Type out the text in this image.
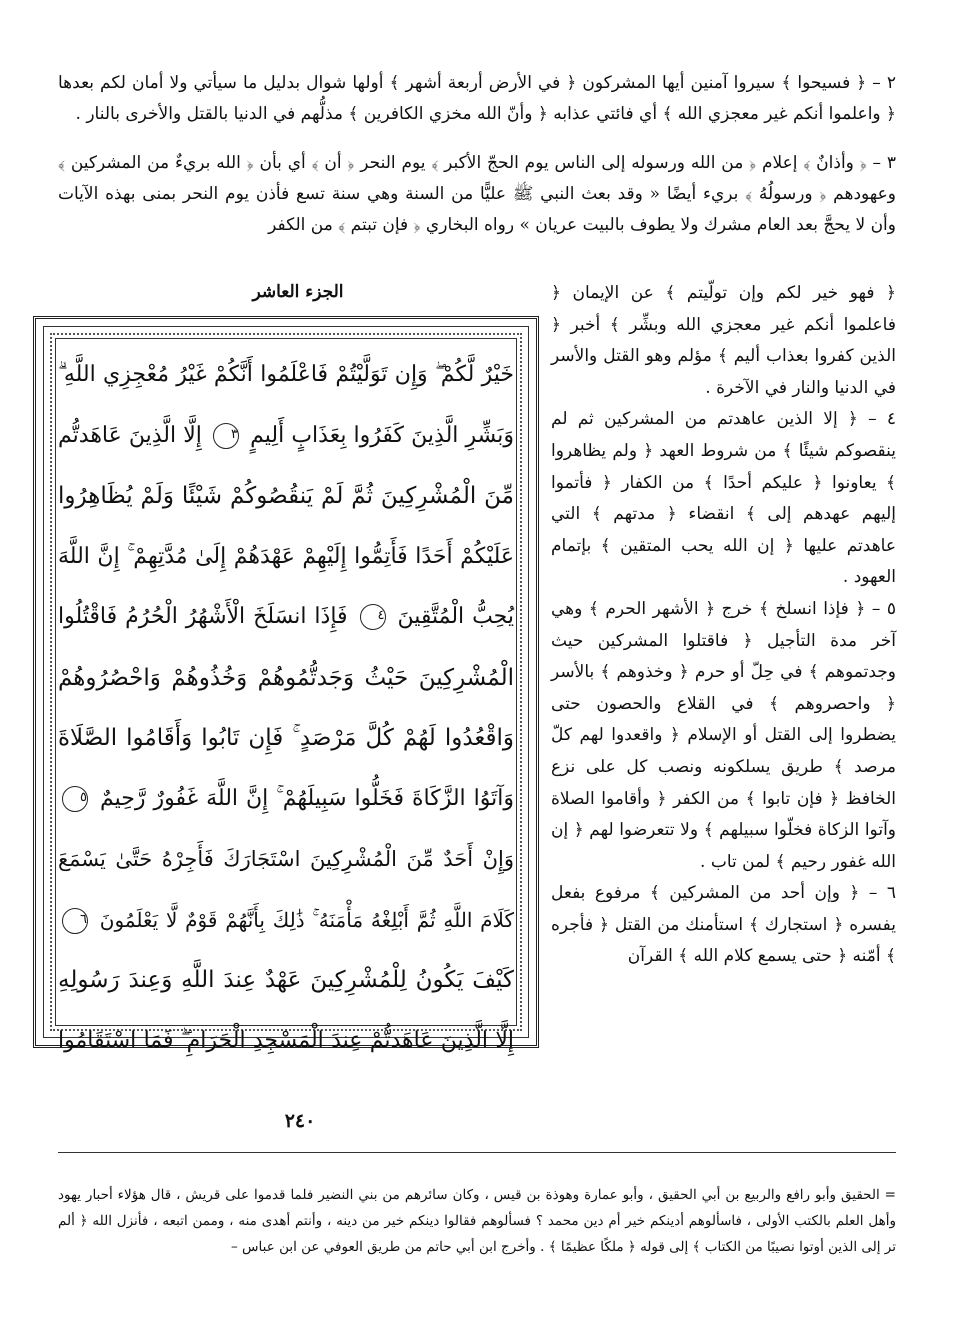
٢ – ﴿ فسيحوا ﴾ سيروا آمنين أيها المشركون ﴿ في الأرض أربعة أشهر ﴾ أولها شوال بدليل ما سيأتي ولا أمان لكم بعدها ﴿ واعلموا أنكم غير معجزي الله ﴾ أي فائتي عذابه ﴿ وأنّ الله مخزي الكافرين ﴾ مذلُّهم في الدنيا بالقتل والأخرى بالنار .
٣ – ﴿ وأذانٌ ﴾ إعلام ﴿ من الله ورسوله إلى الناس يوم الحجّ الأكبر ﴾ يوم النحر ﴿ أن ﴾ أي بأن ﴿ الله بريءٌ من المشركين ﴾ وعهودهم ﴿ ورسولُهُ ﴾ بريء أيضًا « وقد بعث النبي ﷺ عليًّا من السنة وهي سنة تسع فأذن يوم النحر بمنى بهذه الآيات وأن لا يحجَّ بعد العام مشرك ولا يطوف بالبيت عريان » رواه البخاري ﴿ فإن تبتم ﴾ من الكفر
الجزء العاشر
خَيْرٌ لَّكُمْ ۖ وَإِن تَوَلَّيْتُمْ فَاعْلَمُوا أَنَّكُمْ غَيْرُ مُعْجِزِي اللَّهِ ۗ
وَبَشِّرِ الَّذِينَ كَفَرُوا بِعَذَابٍ أَلِيمٍ ٣ إِلَّا الَّذِينَ عَاهَدتُّم
مِّنَ الْمُشْرِكِينَ ثُمَّ لَمْ يَنقُصُوكُمْ شَيْئًا وَلَمْ يُظَاهِرُوا
عَلَيْكُمْ أَحَدًا فَأَتِمُّوا إِلَيْهِمْ عَهْدَهُمْ إِلَىٰ مُدَّتِهِمْ ۚ إِنَّ اللَّهَ
يُحِبُّ الْمُتَّقِينَ ٤ فَإِذَا انسَلَخَ الْأَشْهُرُ الْحُرُمُ فَاقْتُلُوا
الْمُشْرِكِينَ حَيْثُ وَجَدتُّمُوهُمْ وَخُذُوهُمْ وَاحْصُرُوهُمْ
وَاقْعُدُوا لَهُمْ كُلَّ مَرْصَدٍ ۚ فَإِن تَابُوا وَأَقَامُوا الصَّلَاةَ
وَآتَوُا الزَّكَاةَ فَخَلُّوا سَبِيلَهُمْ ۚ إِنَّ اللَّهَ غَفُورٌ رَّحِيمٌ ٥
وَإِنْ أَحَدٌ مِّنَ الْمُشْرِكِينَ اسْتَجَارَكَ فَأَجِرْهُ حَتَّىٰ يَسْمَعَ
كَلَامَ اللَّهِ ثُمَّ أَبْلِغْهُ مَأْمَنَهُ ۚ ذَٰلِكَ بِأَنَّهُمْ قَوْمٌ لَّا يَعْلَمُونَ ٦
كَيْفَ يَكُونُ لِلْمُشْرِكِينَ عَهْدٌ عِندَ اللَّهِ وَعِندَ رَسُولِهِ
إِلَّا الَّذِينَ عَاهَدتُّمْ عِندَ الْمَسْجِدِ الْحَرَامِ ۖ فَمَا اسْتَقَامُوا
٢٤٠

﴿ فهو خير لكم وإن تولّيتم ﴾ عن الإيمان ﴿ فاعلموا أنكم غير معجزي الله وبشِّر ﴾ أخبر ﴿ الذين كفروا بعذاب أليم ﴾ مؤلم وهو القتل والأسر في الدنيا والنار في الآخرة .

٤ – ﴿ إلا الذين عاهدتم من المشركين ثم لم ينقصوكم شيئًا ﴾ من شروط العهد ﴿ ولم يظاهروا ﴾ يعاونوا ﴿ عليكم أحدًا ﴾ من الكفار ﴿ فأتموا إليهم عهدهم إلى ﴾ انقضاء ﴿ مدتهم ﴾ التي عاهدتم عليها ﴿ إن الله يحب المتقين ﴾ بإتمام العهود .

٥ – ﴿ فإذا انسلخ ﴾ خرج ﴿ الأشهر الحرم ﴾ وهي آخر مدة التأجيل ﴿ فاقتلوا المشركين حيث وجدتموهم ﴾ في حِلّ أو حرم ﴿ وخذوهم ﴾ بالأسر ﴿ واحصروهم ﴾ في القلاع والحصون حتى يضطروا إلى القتل أو الإسلام ﴿ واقعدوا لهم كلّ مرصد ﴾ طريق يسلكونه ونصب كل على نزع الخافظ ﴿ فإن تابوا ﴾ من الكفر ﴿ وأقاموا الصلاة وآتوا الزكاة فخلّوا سبيلهم ﴾ ولا تتعرضوا لهم ﴿ إن الله غفور رحيم ﴾ لمن تاب .

٦ – ﴿ وإن أحد من المشركين ﴾ مرفوع بفعل يفسره ﴿ استجارك ﴾ استأمنك من القتل ﴿ فأجره ﴾ أمّنه ﴿ حتى يسمع كلام الله ﴾ القرآن

= الحقيق وأبو رافع والربيع بن أبي الحقيق ، وأبو عمارة وهوذة بن قيس ، وكان سائرهم من بني النضير فلما قدموا على قريش ، قال هؤلاء أحبار يهود وأهل العلم بالكتب الأولى ، فاسألوهم أدينكم خير أم دين محمد ؟ فسألوهم فقالوا دينكم خير من دينه ، وأنتم أهدى منه ، وممن اتبعه ، فأنزل الله ﴿ ألم تر إلى الذين أوتوا نصيبًا من الكتاب ﴾ إلى قوله ﴿ ملكًا عظيمًا ﴾ . وأخرج ابن أبي حاتم من طريق العوفي عن ابن عباس –
